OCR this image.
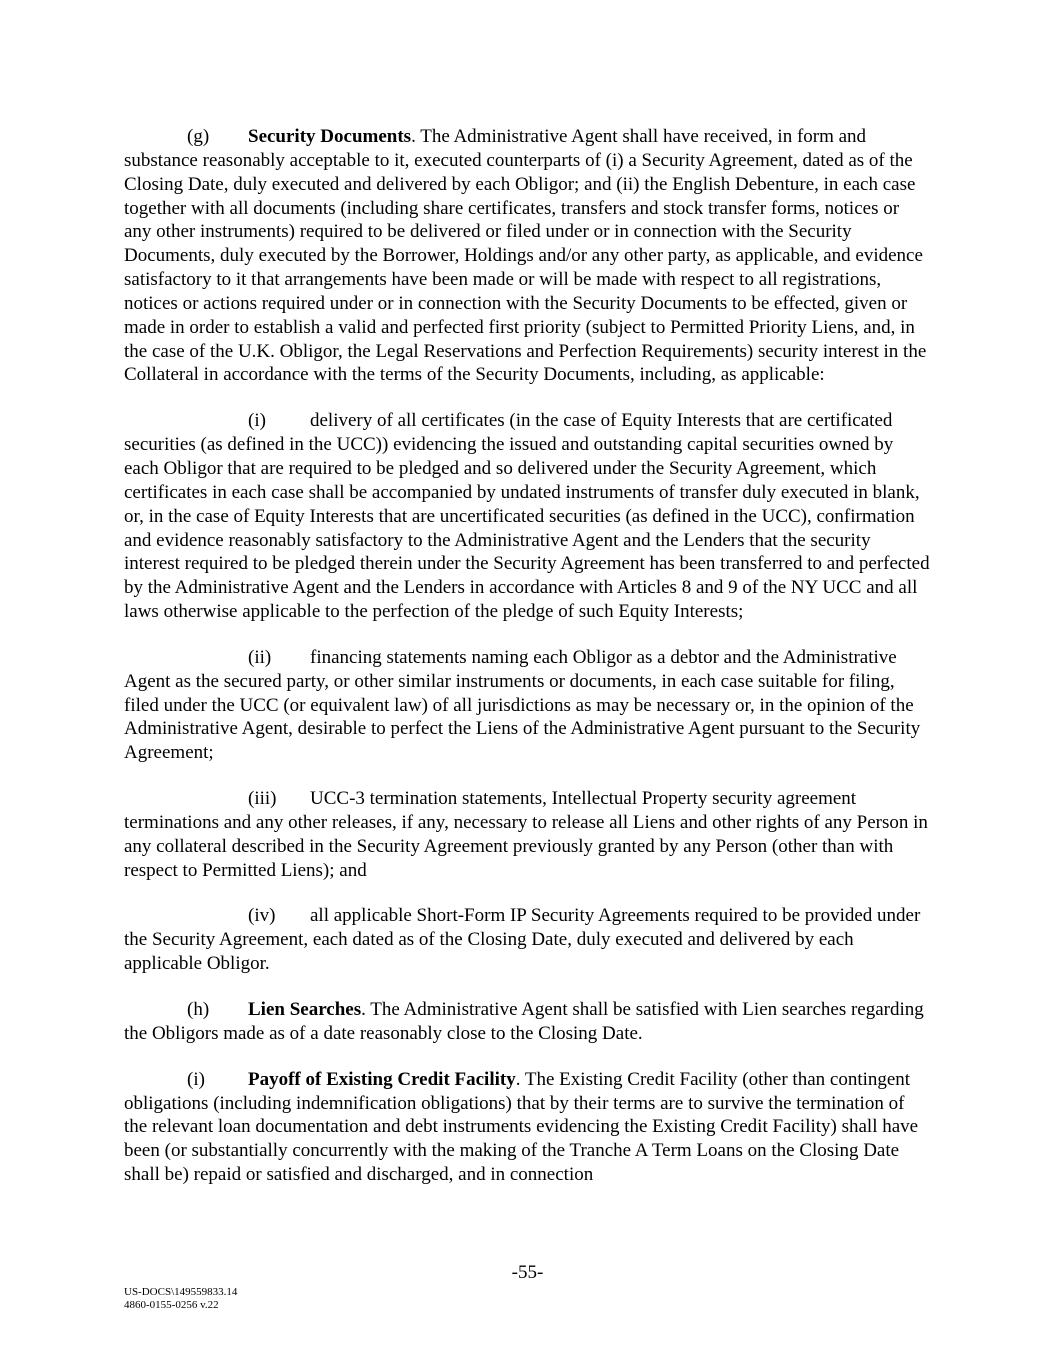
(g) Security Documents. The Administrative Agent shall have received, in form and substance reasonably acceptable to it, executed counterparts of (i) a Security Agreement, dated as of the Closing Date, duly executed and delivered by each Obligor; and (ii) the English Debenture, in each case together with all documents (including share certificates, transfers and stock transfer forms, notices or any other instruments) required to be delivered or filed under or in connection with the Security Documents, duly executed by the Borrower, Holdings and/or any other party, as applicable, and evidence satisfactory to it that arrangements have been made or will be made with respect to all registrations, notices or actions required under or in connection with the Security Documents to be effected, given or made in order to establish a valid and perfected first priority (subject to Permitted Priority Liens, and, in the case of the U.K. Obligor, the Legal Reservations and Perfection Requirements) security interest in the Collateral in accordance with the terms of the Security Documents, including, as applicable:

(i) delivery of all certificates (in the case of Equity Interests that are certificated securities (as defined in the UCC)) evidencing the issued and outstanding capital securities owned by each Obligor that are required to be pledged and so delivered under the Security Agreement, which certificates in each case shall be accompanied by undated instruments of transfer duly executed in blank, or, in the case of Equity Interests that are uncertificated securities (as defined in the UCC), confirmation and evidence reasonably satisfactory to the Administrative Agent and the Lenders that the security interest required to be pledged therein under the Security Agreement has been transferred to and perfected by the Administrative Agent and the Lenders in accordance with Articles 8 and 9 of the NY UCC and all laws otherwise applicable to the perfection of the pledge of such Equity Interests;

(ii) financing statements naming each Obligor as a debtor and the Administrative Agent as the secured party, or other similar instruments or documents, in each case suitable for filing, filed under the UCC (or equivalent law) of all jurisdictions as may be necessary or, in the opinion of the Administrative Agent, desirable to perfect the Liens of the Administrative Agent pursuant to the Security Agreement;

(iii) UCC-3 termination statements, Intellectual Property security agreement terminations and any other releases, if any, necessary to release all Liens and other rights of any Person in any collateral described in the Security Agreement previously granted by any Person (other than with respect to Permitted Liens); and

(iv) all applicable Short-Form IP Security Agreements required to be provided under the Security Agreement, each dated as of the Closing Date, duly executed and delivered by each applicable Obligor.

(h) Lien Searches. The Administrative Agent shall be satisfied with Lien searches regarding the Obligors made as of a date reasonably close to the Closing Date.

(i) Payoff of Existing Credit Facility. The Existing Credit Facility (other than contingent obligations (including indemnification obligations) that by their terms are to survive the termination of the relevant loan documentation and debt instruments evidencing the Existing Credit Facility) shall have been (or substantially concurrently with the making of the Tranche A Term Loans on the Closing Date shall be) repaid or satisfied and discharged, and in connection

-55-
US-DOCS\149559833.14
4860-0155-0256 v.22
